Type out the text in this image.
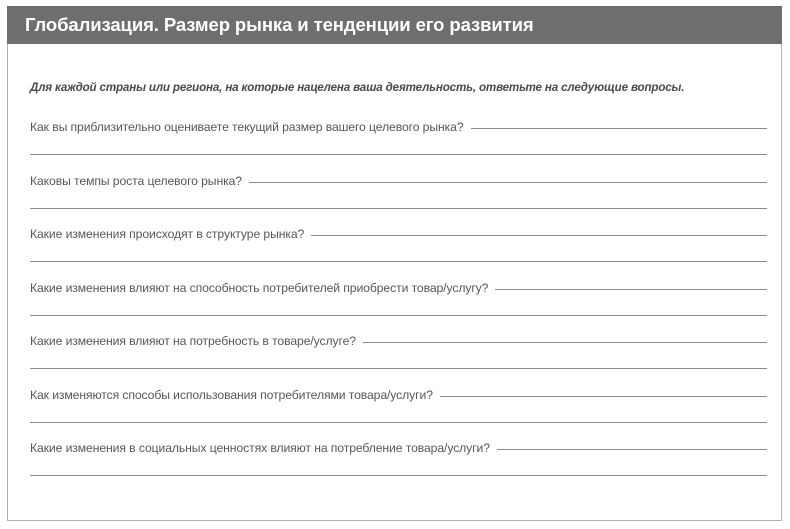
Глобализация. Размер рынка и тенденции его развития
Для каждой страны или региона, на которые нацелена ваша деятельность, ответьте на следующие вопросы.
Как вы приблизительно оцениваете текущий размер вашего целевого рынка?
Каковы темпы роста целевого рынка?
Какие изменения происходят в структуре рынка?
Какие изменения влияют на способность потребителей приобрести товар/услугу?
Какие изменения влияют на потребность в товаре/услуге?
Как изменяются способы использования потребителями товара/услуги?
Какие изменения в социальных ценностях влияют на потребление товара/услуги?
